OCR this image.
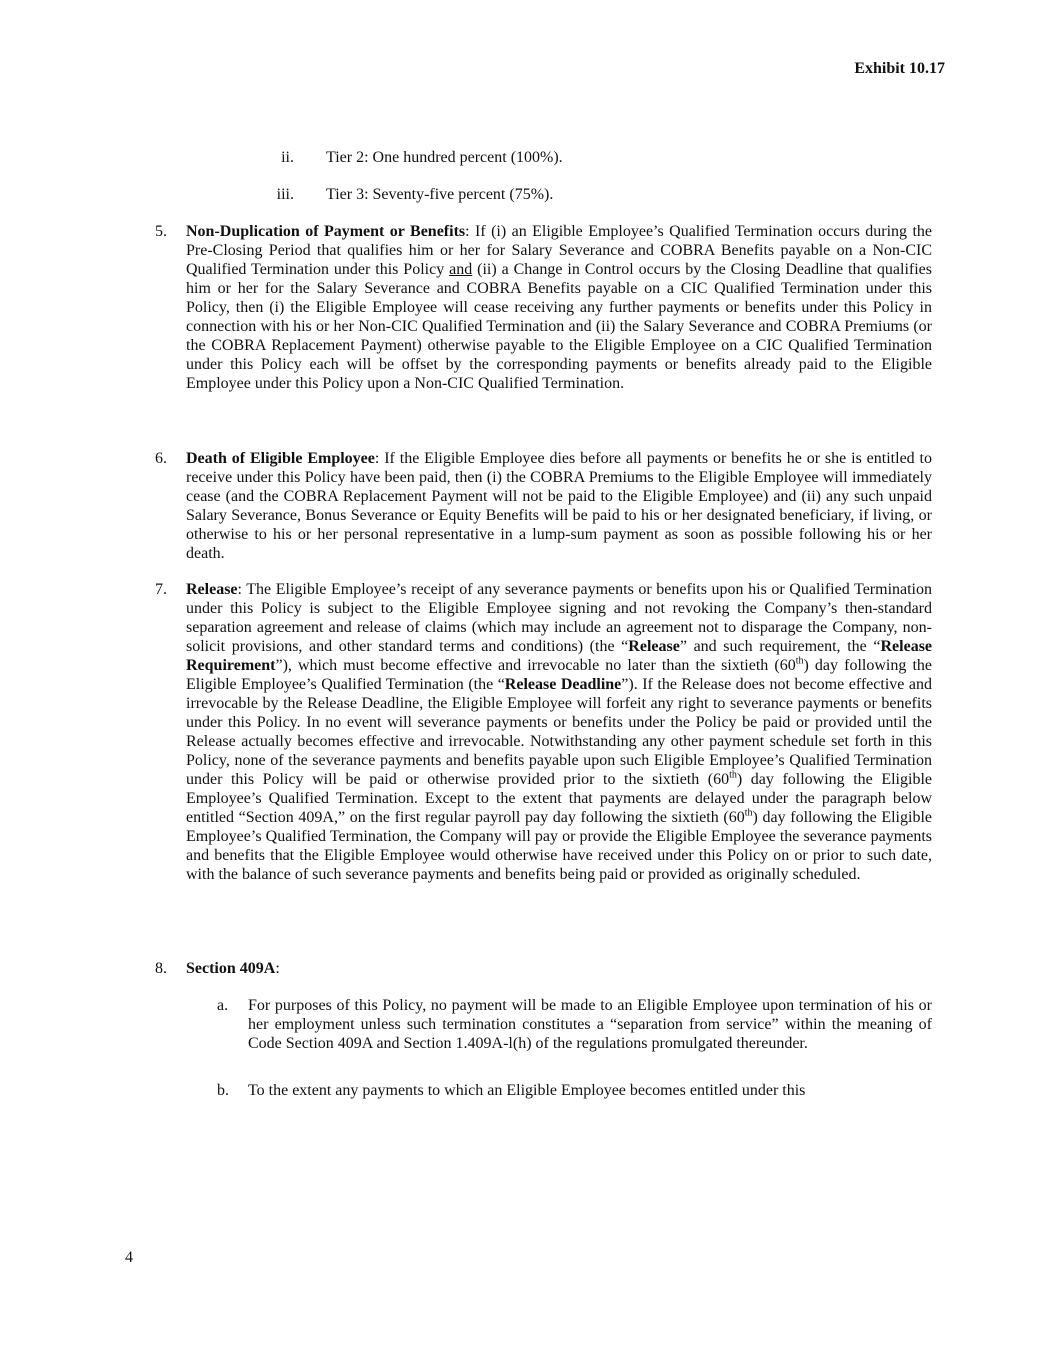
Exhibit 10.17
ii. Tier 2: One hundred percent (100%).
iii. Tier 3: Seventy-five percent (75%).
5. Non-Duplication of Payment or Benefits: If (i) an Eligible Employee’s Qualified Termination occurs during the Pre-Closing Period that qualifies him or her for Salary Severance and COBRA Benefits payable on a Non-CIC Qualified Termination under this Policy and (ii) a Change in Control occurs by the Closing Deadline that qualifies him or her for the Salary Severance and COBRA Benefits payable on a CIC Qualified Termination under this Policy, then (i) the Eligible Employee will cease receiving any further payments or benefits under this Policy in connection with his or her Non-CIC Qualified Termination and (ii) the Salary Severance and COBRA Premiums (or the COBRA Replacement Payment) otherwise payable to the Eligible Employee on a CIC Qualified Termination under this Policy each will be offset by the corresponding payments or benefits already paid to the Eligible Employee under this Policy upon a Non-CIC Qualified Termination.
6. Death of Eligible Employee: If the Eligible Employee dies before all payments or benefits he or she is entitled to receive under this Policy have been paid, then (i) the COBRA Premiums to the Eligible Employee will immediately cease (and the COBRA Replacement Payment will not be paid to the Eligible Employee) and (ii) any such unpaid Salary Severance, Bonus Severance or Equity Benefits will be paid to his or her designated beneficiary, if living, or otherwise to his or her personal representative in a lump-sum payment as soon as possible following his or her death.
7. Release: The Eligible Employee’s receipt of any severance payments or benefits upon his or Qualified Termination under this Policy is subject to the Eligible Employee signing and not revoking the Company’s then-standard separation agreement and release of claims (which may include an agreement not to disparage the Company, non-solicit provisions, and other standard terms and conditions) (the “Release” and such requirement, the “Release Requirement”), which must become effective and irrevocable no later than the sixtieth (60th) day following the Eligible Employee’s Qualified Termination (the “Release Deadline”). If the Release does not become effective and irrevocable by the Release Deadline, the Eligible Employee will forfeit any right to severance payments or benefits under this Policy. In no event will severance payments or benefits under the Policy be paid or provided until the Release actually becomes effective and irrevocable. Notwithstanding any other payment schedule set forth in this Policy, none of the severance payments and benefits payable upon such Eligible Employee’s Qualified Termination under this Policy will be paid or otherwise provided prior to the sixtieth (60th) day following the Eligible Employee’s Qualified Termination. Except to the extent that payments are delayed under the paragraph below entitled “Section 409A,” on the first regular payroll pay day following the sixtieth (60th) day following the Eligible Employee’s Qualified Termination, the Company will pay or provide the Eligible Employee the severance payments and benefits that the Eligible Employee would otherwise have received under this Policy on or prior to such date, with the balance of such severance payments and benefits being paid or provided as originally scheduled.
8. Section 409A:
a. For purposes of this Policy, no payment will be made to an Eligible Employee upon termination of his or her employment unless such termination constitutes a “separation from service” within the meaning of Code Section 409A and Section 1.409A-l(h) of the regulations promulgated thereunder.
b. To the extent any payments to which an Eligible Employee becomes entitled under this
4
